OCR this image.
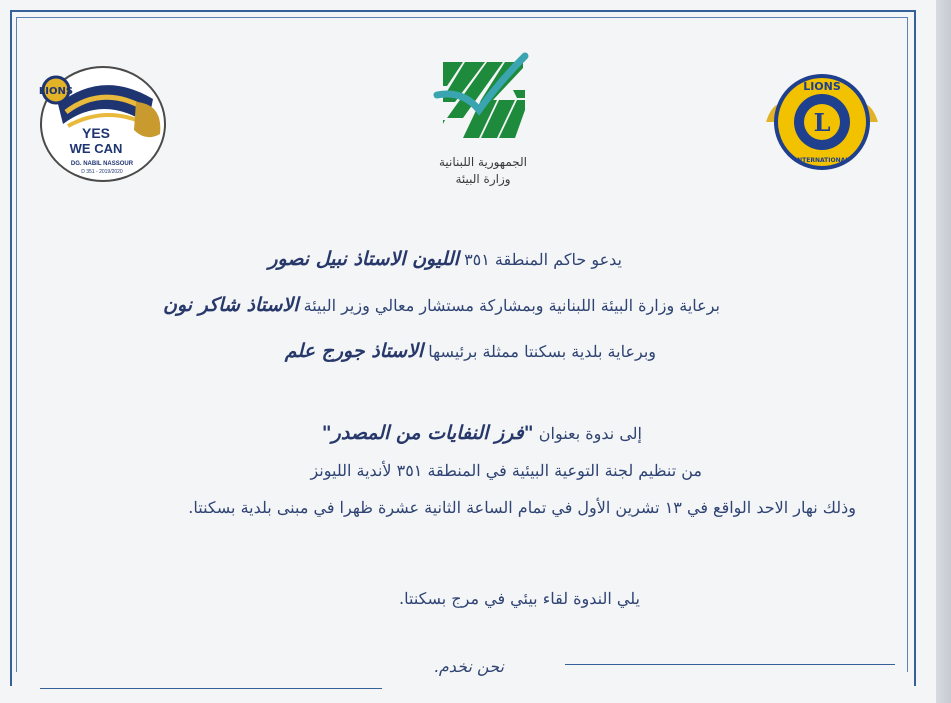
LIONS
YES
WE CAN
DG. NABIL NASSOUR
D 351 - 2019/2020
الجمهورية اللبنانية
وزارة البيئة
L
LIONS
INTERNATIONAL
يدعو حاكم المنطقة ٣٥١ الليون الاستاذ نبيل نصور
برعاية وزارة البيئة اللبنانية وبمشاركة مستشار معالي وزير البيئة الاستاذ شاكر نون
وبرعاية بلدية بسكنتا ممثلة برئيسها الاستاذ جورج علم
إلى ندوة بعنوان "فرز النفايات من المصدر"
من تنظيم لجنة التوعية البيئية في المنطقة ٣٥١ لأندية الليونز
وذلك نهار الاحد الواقع في ١٣ تشرين الأول في تمام الساعة الثانية عشرة ظهرا في مبنى بلدية بسكنتا.
يلي الندوة لقاء بيئي في مرج بسكنتا.
نحن نخدم.
